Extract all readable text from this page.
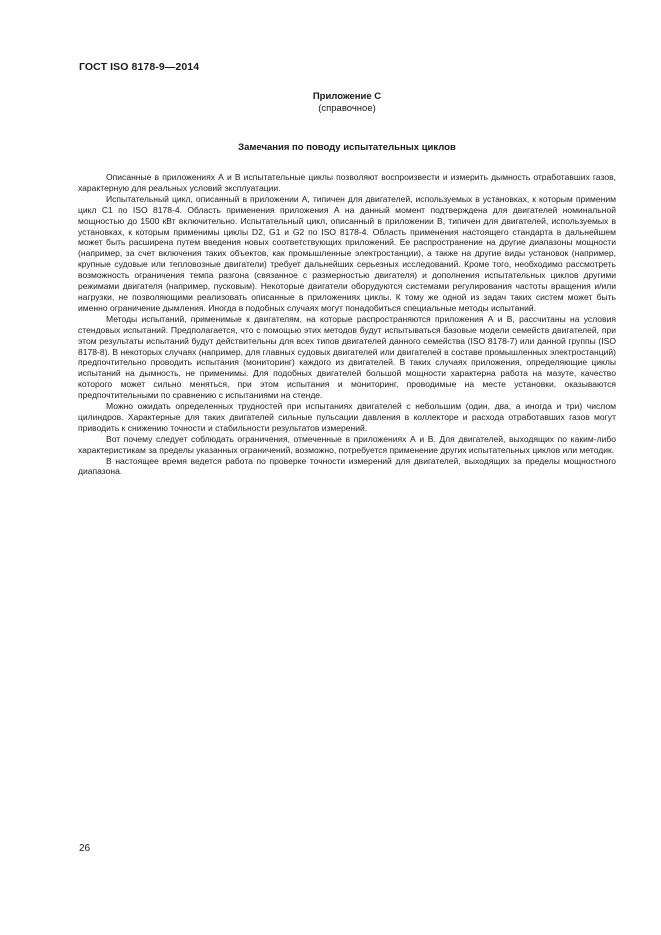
ГОСТ ISO 8178-9—2014
Приложение С
(справочное)
Замечания по поводу испытательных циклов

Описанные в приложениях А и В испытательные циклы позволяют воспроизвести и измерить дымность отработавших газов, характерную для реальных условий эксплуатации.

Испытательный цикл, описанный в приложении А, типичен для двигателей, используемых в установках, к которым применим цикл С1 по ISO 8178-4. Область применения приложения А на данный момент подтверждена для двигателей номинальной мощностью до 1500 кВт включительно. Испытательный цикл, описанный в приложении В, типичен для двигателей, используемых в установках, к которым применимы циклы D2, G1 и G2 по ISO 8178-4. Область применения настоящего стандарта в дальнейшем может быть расширена путем введения новых соответствующих приложений. Ее распространение на другие диапазоны мощности (например, за счет включения таких объектов, как промышленные электростанции), а также на другие виды установок (например, крупные судовые или тепловозные двигатели) требует дальнейших серьезных исследований. Кроме того, необходимо рассмотреть возможность ограничения темпа разгона (связанное с размерностью двигателя) и дополнения испытательных циклов другими режимами двигателя (например, пусковым). Некоторые двигатели оборудуются системами регулирования частоты вращения и/или нагрузки, не позволяющими реализовать описанные в приложениях циклы. К тому же одной из задач таких систем может быть именно ограничение дымления. Иногда в подобных случаях могут понадобиться специальные методы испытаний.

Методы испытаний, применимые к двигателям, на которые распространяются приложения А и В, рассчитаны на условия стендовых испытаний. Предполагается, что с помощью этих методов будут испытываться базовые модели семейств двигателей, при этом результаты испытаний будут действительны для всех типов двигателей данного семейства (ISO 8178-7) или данной группы (ISO 8178-8). В некоторых случаях (например, для главных судовых двигателей или двигателей в составе промышленных электростанций) предпочтительно проводить испытания (мониторинг) каждого из двигателей. В таких случаях приложения, определяющие циклы испытаний на дымность, не применимы. Для подобных двигателей большой мощности характерна работа на мазуте, качество которого может сильно меняться, при этом испытания и мониторинг, проводимые на месте установки, оказываются предпочтительными по сравнению с испытаниями на стенде.

Можно ожидать определенных трудностей при испытаниях двигателей с небольшим (один, два, а иногда и три) числом цилиндров. Характерные для таких двигателей сильные пульсации давления в коллекторе и расхода отработавших газов могут приводить к снижению точности и стабильности результатов измерений.

Вот почему следует соблюдать ограничения, отмеченные в приложениях А и В. Для двигателей, выходящих по каким-либо характеристикам за пределы указанных ограничений, возможно, потребуется применение других испытательных циклов или методик.

В настоящее время ведется работа по проверке точности измерений для двигателей, выходящих за пределы мощностного диапазона.

26
